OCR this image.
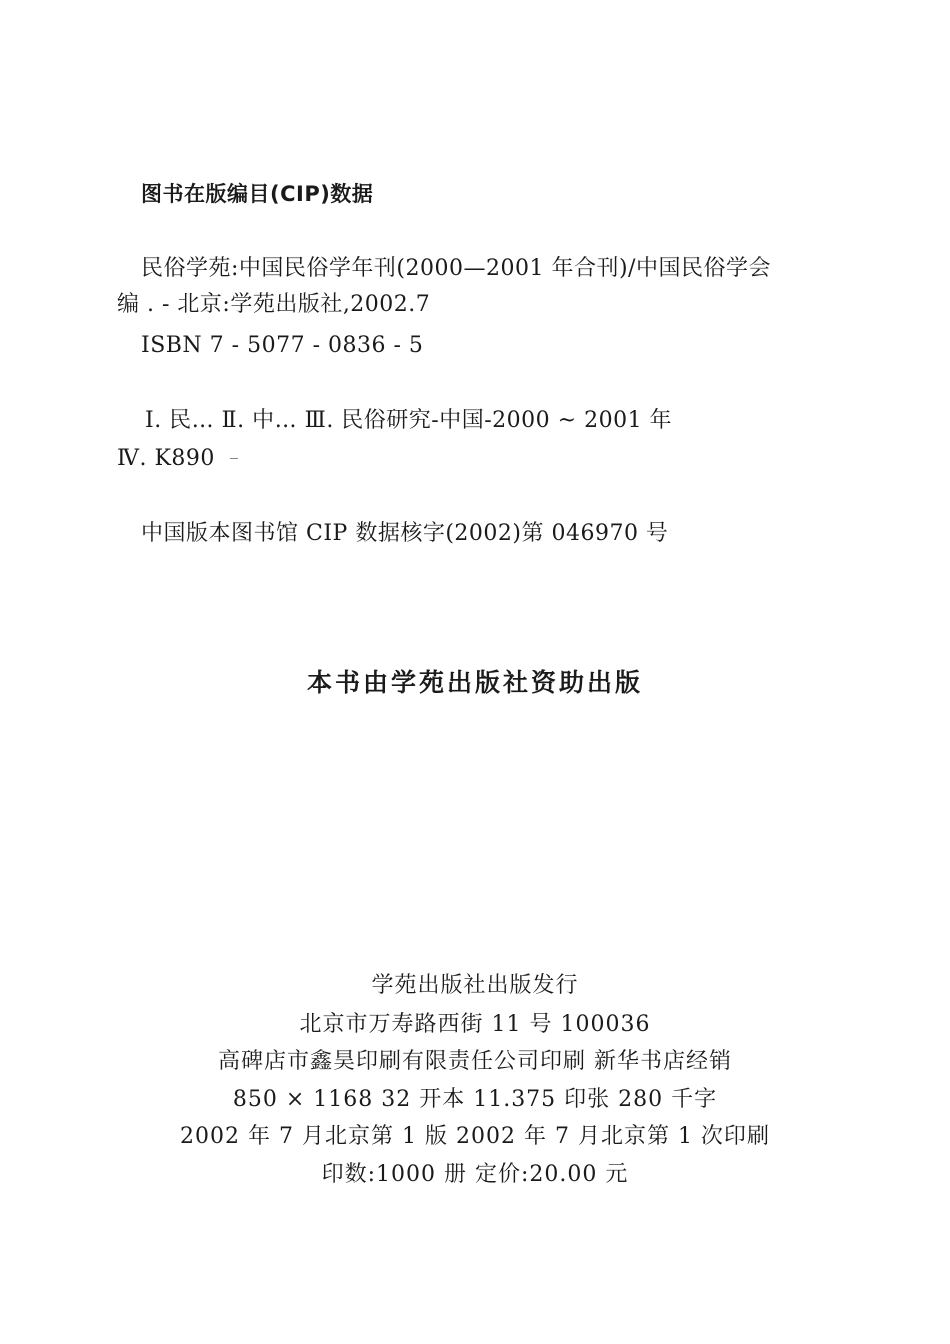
图书在版编目(CIP)数据
民俗学苑:中国民俗学年刊(2000—2001 年合刊)/中国民俗学会
编 . - 北京:学苑出版社,2002.7
ISBN 7 - 5077 - 0836 - 5
Ⅰ. 民… Ⅱ. 中… Ⅲ. 民俗研究-中国-2000 ~ 2001 年
Ⅳ. K890
中国版本图书馆 CIP 数据核字(2002)第 046970 号
本书由学苑出版社资助出版
学苑出版社出版发行
北京市万寿路西街 11 号 100036
高碑店市鑫昊印刷有限责任公司印刷 新华书店经销
850 × 1168 32 开本 11.375 印张 280 千字
2002 年 7 月北京第 1 版 2002 年 7 月北京第 1 次印刷
印数:1000 册 定价:20.00 元
